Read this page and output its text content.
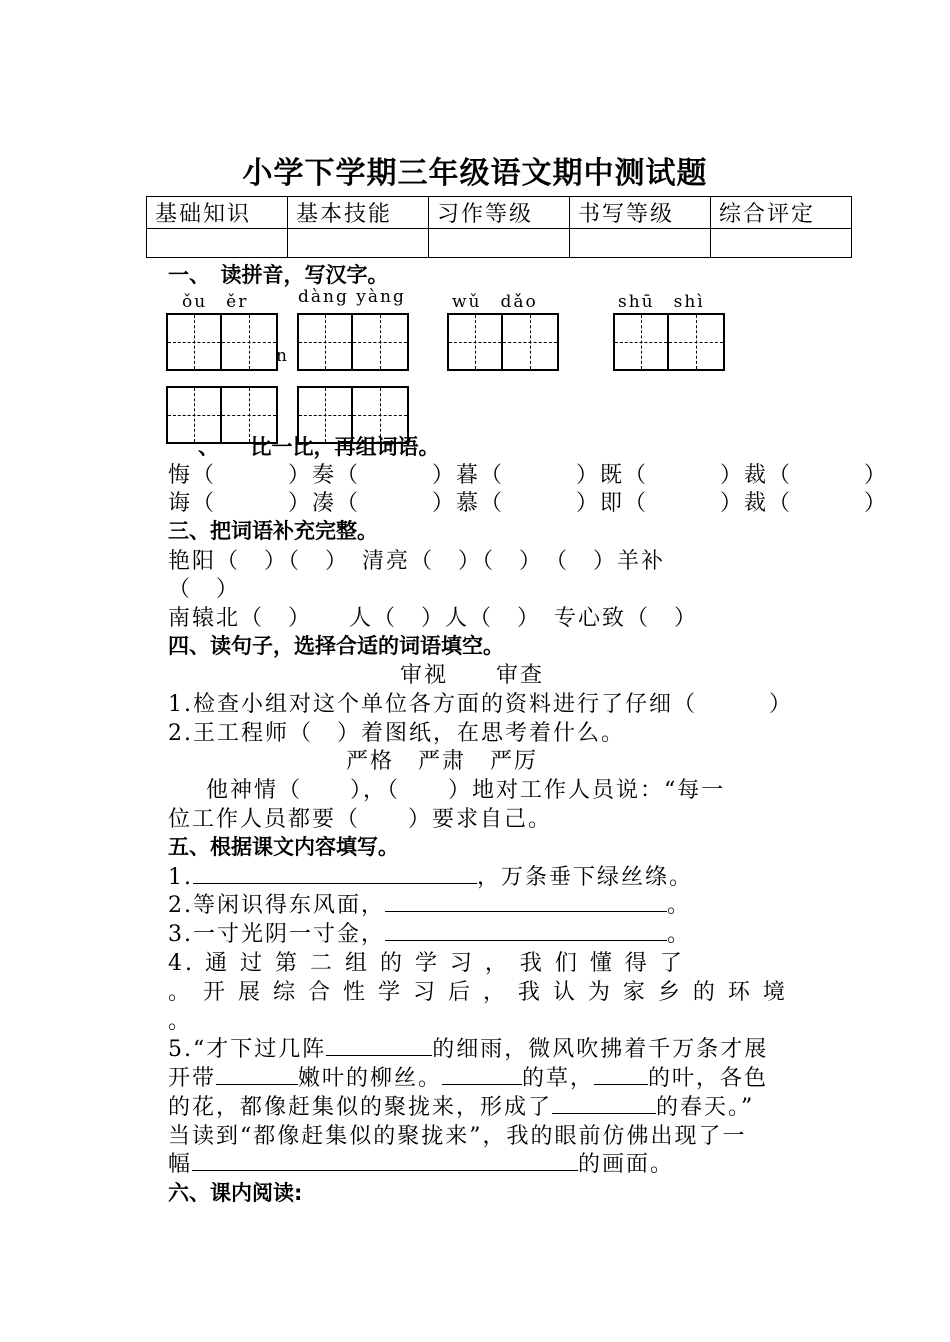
小学下学期三年级语文期中测试题
基础知识	基本技能	习作等级	书写等级	综合评定

一、　读拼音，写汉字。
ǒu　ěr	dàng yàng	wǔ　dǎo	shū　shì
n
、　　比一比，再组词语。
悔（　　　）奏（　　　）暮（　　　）既（　　　）裁（　　　）
诲（　　　）凑（　　　）慕（　　　）即（　　　）裁（　　　）
三、把词语补充完整。
艳阳（　）（　）　清亮（　）（　）　（　）羊补
（　）
南辕北（　）　　人（　）人（　）　专心致（　）
四、读句子，选择合适的词语填空。
审视　　审查
1.检查小组对这个单位各方面的资料进行了仔细（　　　）
2.王工程师（　）着图纸，在思考着什么。
严格　严肃　严厉
他神情（　　），（　　）地对工作人员说：“每一
位工作人员都要（　　）要求自己。
五、根据课文内容填写。
1.	，万条垂下绿丝绦。
2.等闲识得东风面，	。
3.一寸光阴一寸金，	。
4. 通 过 第 二 组 的 学 习 ， 我 们 懂 得 了
。 开 展 综 合 性 学 习 后 ， 我 认 为 家 乡 的 环 境
。
5.“才下过几阵	的细雨，微风吹拂着千万条才展
开带	嫩叶的柳丝。	的草， 的叶，各色
的花，都像赶集似的聚拢来，形成了	的春天。”
当读到“都像赶集似的聚拢来”，我的眼前仿佛出现了一
幅	的画面。
六、课内阅读:
